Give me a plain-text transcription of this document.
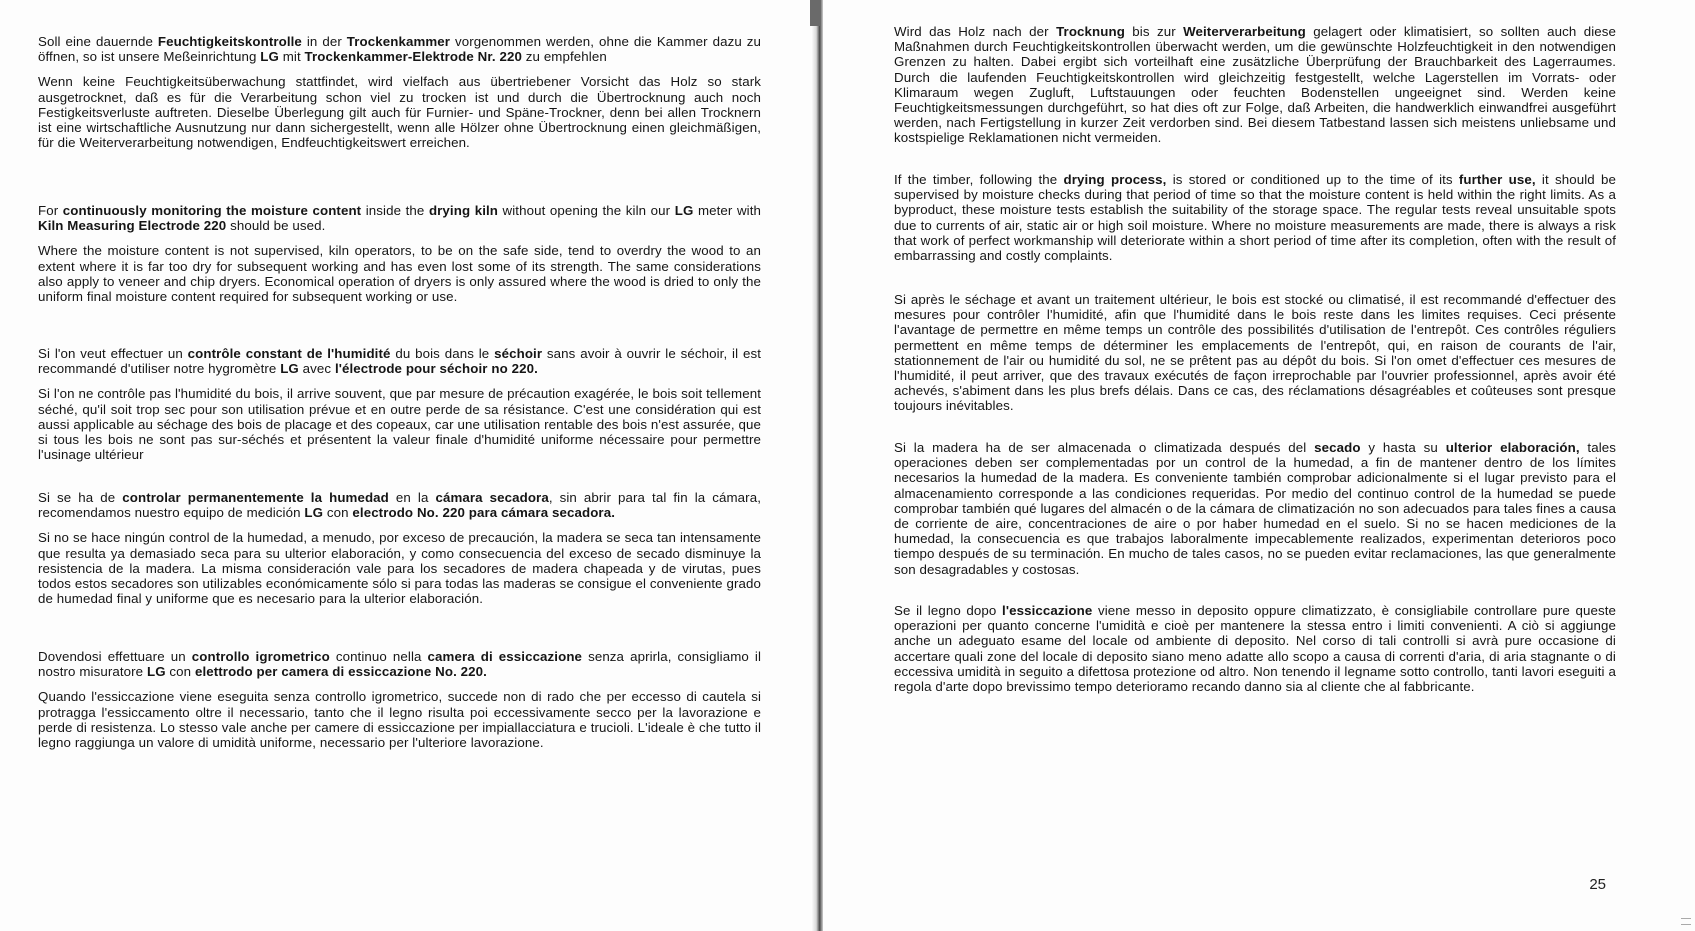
Soll eine dauernde Feuchtigkeitskontrolle in der Trockenkammer vorgenommen werden, ohne die Kammer dazu zu öffnen, so ist unsere Meßeinrichtung LG mit Trockenkammer-Elektrode Nr. 220 zu empfehlen

Wenn keine Feuchtigkeitsüberwachung stattfindet, wird vielfach aus übertriebener Vorsicht das Holz so stark ausgetrocknet, daß es für die Verarbeitung schon viel zu trocken ist und durch die Übertrocknung auch noch Festigkeitsverluste auftreten. Dieselbe Überlegung gilt auch für Furnier- und Späne-Trockner, denn bei allen Trocknern ist eine wirtschaftliche Ausnutzung nur dann sichergestellt, wenn alle Hölzer ohne Übertrocknung einen gleichmäßigen, für die Weiterverarbeitung notwendigen, Endfeuchtigkeitswert erreichen.

For continuously monitoring the moisture content inside the drying kiln without opening the kiln our LG meter with Kiln Measuring Electrode 220 should be used.

Where the moisture content is not supervised, kiln operators, to be on the safe side, tend to overdry the wood to an extent where it is far too dry for subsequent working and has even lost some of its strength. The same considerations also apply to veneer and chip dryers. Economical operation of dryers is only assured where the wood is dried to only the uniform final moisture content required for subsequent working or use.

Si l'on veut effectuer un contrôle constant de l'humidité du bois dans le séchoir sans avoir à ouvrir le séchoir, il est recommandé d'utiliser notre hygromètre LG avec l'électrode pour séchoir no 220.

Si l'on ne contrôle pas l'humidité du bois, il arrive souvent, que par mesure de précaution exagérée, le bois soit tellement séché, qu'il soit trop sec pour son utilisation prévue et en outre perde de sa résistance. C'est une considération qui est aussi applicable au séchage des bois de placage et des copeaux, car une utilisation rentable des bois n'est assurée, que si tous les bois ne sont pas sur-séchés et présentent la valeur finale d'humidité uniforme nécessaire pour permettre l'usinage ultérieur

Si se ha de controlar permanentemente la humedad en la cámara secadora, sin abrir para tal fin la cámara, recomendamos nuestro equipo de medición LG con electrodo No. 220 para cámara secadora.

Si no se hace ningún control de la humedad, a menudo, por exceso de precaución, la madera se seca tan intensamente que resulta ya demasiado seca para su ulterior elaboración, y como consecuencia del exceso de secado disminuye la resistencia de la madera. La misma consideración vale para los secadores de madera chapeada y de virutas, pues todos estos secadores son utilizables económicamente sólo si para todas las maderas se consigue el conveniente grado de humedad final y uniforme que es necesario para la ulterior elaboración.

Dovendosi effettuare un controllo igrometrico continuo nella camera di essiccazione senza aprirla, consigliamo il nostro misuratore LG con elettrodo per camera di essiccazione No. 220.

Quando l'essiccazione viene eseguita senza controllo igrometrico, succede non di rado che per eccesso di cautela si protragga l'essiccamento oltre il necessario, tanto che il legno risulta poi eccessivamente secco per la lavorazione e perde di resistenza. Lo stesso vale anche per camere di essiccazione per impiallacciatura e trucioli. L'ideale è che tutto il legno raggiunga un valore di umidità uniforme, necessario per l'ulteriore lavorazione.

Wird das Holz nach der Trocknung bis zur Weiterverarbeitung gelagert oder klimatisiert, so sollten auch diese Maßnahmen durch Feuchtigkeitskontrollen überwacht werden, um die gewünschte Holzfeuchtigkeit in den notwendigen Grenzen zu halten. Dabei ergibt sich vorteilhaft eine zusätzliche Überprüfung der Brauchbarkeit des Lagerraumes. Durch die laufenden Feuchtigkeitskontrollen wird gleichzeitig festgestellt, welche Lagerstellen im Vorrats- oder Klimaraum wegen Zugluft, Luftstauungen oder feuchten Bodenstellen ungeeignet sind. Werden keine Feuchtigkeitsmessungen durchgeführt, so hat dies oft zur Folge, daß Arbeiten, die handwerklich einwandfrei ausgeführt werden, nach Fertigstellung in kurzer Zeit verdorben sind. Bei diesem Tatbestand lassen sich meistens unliebsame und kostspielige Reklamationen nicht vermeiden.

If the timber, following the drying process, is stored or conditioned up to the time of its further use, it should be supervised by moisture checks during that period of time so that the moisture content is held within the right limits. As a byproduct, these moisture tests establish the suitability of the storage space. The regular tests reveal unsuitable spots due to currents of air, static air or high soil moisture. Where no moisture measurements are made, there is always a risk that work of perfect workmanship will deteriorate within a short period of time after its completion, often with the result of embarrassing and costly complaints.

Si après le séchage et avant un traitement ultérieur, le bois est stocké ou climatisé, il est recommandé d'effectuer des mesures pour contrôler l'humidité, afin que l'humidité dans le bois reste dans les limites requises. Ceci présente l'avantage de permettre en même temps un contrôle des possibilités d'utilisation de l'entrepôt. Ces contrôles réguliers permettent en même temps de déterminer les emplacements de l'entrepôt, qui, en raison de courants de l'air, stationnement de l'air ou humidité du sol, ne se prêtent pas au dépôt du bois. Si l'on omet d'effectuer ces mesures de l'humidité, il peut arriver, que des travaux exécutés de façon irreprochable par l'ouvrier professionnel, après avoir été achevés, s'abiment dans les plus brefs délais. Dans ce cas, des réclamations désagréables et coûteuses sont presque toujours inévitables.

Si la madera ha de ser almacenada o climatizada después del secado y hasta su ulterior elaboración, tales operaciones deben ser complementadas por un control de la humedad, a fin de mantener dentro de los límites necesarios la humedad de la madera. Es conveniente también comprobar adicionalmente si el lugar previsto para el almacenamiento corresponde a las condiciones requeridas. Por medio del continuo control de la humedad se puede comprobar también qué lugares del almacén o de la cámara de climatización no son adecuados para tales fines a causa de corriente de aire, concentraciones de aire o por haber humedad en el suelo. Si no se hacen mediciones de la humedad, la consecuencia es que trabajos laboralmente impecablemente realizados, experimentan deterioros poco tiempo después de su terminación. En mucho de tales casos, no se pueden evitar reclamaciones, las que generalmente son desagradables y costosas.

Se il legno dopo l'essiccazione viene messo in deposito oppure climatizzato, è consigliabile controllare pure queste operazioni per quanto concerne l'umidità e cioè per mantenere la stessa entro i limiti convenienti. A ciò si aggiunge anche un adeguato esame del locale od ambiente di deposito. Nel corso di tali controlli si avrà pure occasione di accertare quali zone del locale di deposito siano meno adatte allo scopo a causa di correnti d'aria, di aria stagnante o di eccessiva umidità in seguito a difettosa protezione od altro. Non tenendo il legname sotto controllo, tanti lavori eseguiti a regola d'arte dopo brevissimo tempo deterioramo recando danno sia al cliente che al fabbricante.

25
